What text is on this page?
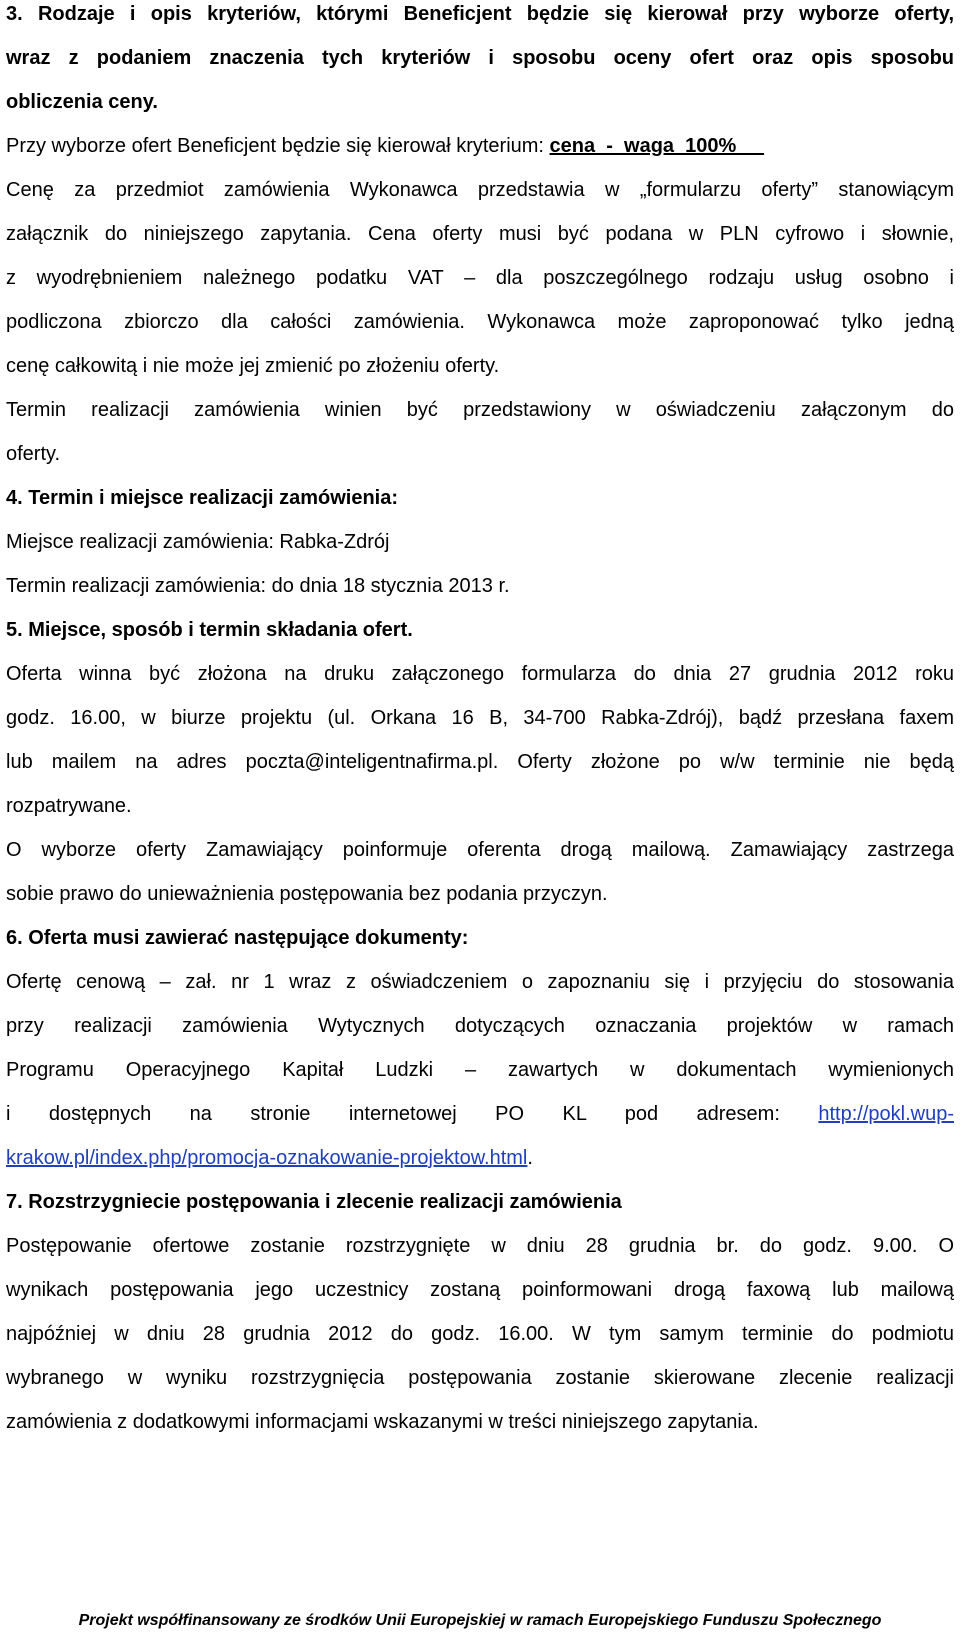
3. Rodzaje i opis kryteriów, którymi Beneficjent będzie się kierował przy wyborze oferty,
wraz z podaniem znaczenia tych kryteriów i sposobu oceny ofert oraz opis sposobu
obliczenia ceny.
Przy wyborze ofert Beneficjent będzie się kierował kryterium: cena  -  waga  100%
Cenę za przedmiot zamówienia Wykonawca przedstawia w „formularzu oferty” stanowiącym
załącznik do niniejszego zapytania. Cena oferty musi być podana w PLN cyfrowo i słownie,
z wyodrębnieniem należnego podatku VAT – dla poszczególnego rodzaju usług osobno i
podliczona zbiorczo dla całości zamówienia. Wykonawca może zaproponować tylko jedną
cenę całkowitą i nie może jej zmienić po złożeniu oferty.
Termin realizacji zamówienia winien być przedstawiony w oświadczeniu załączonym do
oferty.
4. Termin i miejsce realizacji zamówienia:
Miejsce realizacji zamówienia: Rabka-Zdrój
Termin realizacji zamówienia: do dnia 18 stycznia 2013 r.
5. Miejsce, sposób i termin składania ofert.
Oferta winna być złożona na druku załączonego formularza do dnia 27 grudnia 2012 roku
godz. 16.00, w biurze projektu (ul. Orkana 16 B, 34-700 Rabka-Zdrój), bądź przesłana faxem
lub mailem na adres poczta@inteligentnafirma.pl. Oferty złożone po w/w terminie nie będą
rozpatrywane.
O wyborze oferty Zamawiający poinformuje oferenta drogą mailową. Zamawiający zastrzega
sobie prawo do unieważnienia postępowania bez podania przyczyn.
6. Oferta musi zawierać następujące dokumenty:
Ofertę cenową – zał. nr 1 wraz z oświadczeniem o zapoznaniu się i przyjęciu do stosowania
przy realizacji zamówienia Wytycznych dotyczących oznaczania projektów w ramach
Programu Operacyjnego Kapitał Ludzki – zawartych w dokumentach wymienionych
i dostępnych na stronie internetowej PO KL pod adresem: http://pokl.wup-
krakow.pl/index.php/promocja-oznakowanie-projektow.html.
7. Rozstrzygniecie postępowania i zlecenie realizacji zamówienia
Postępowanie ofertowe zostanie rozstrzygnięte w dniu 28 grudnia br. do godz. 9.00. O
wynikach postępowania jego uczestnicy zostaną poinformowani drogą faxową lub mailową
najpóźniej w dniu 28 grudnia 2012 do godz. 16.00. W tym samym terminie do podmiotu
wybranego w wyniku rozstrzygnięcia postępowania zostanie skierowane zlecenie realizacji
zamówienia z dodatkowymi informacjami wskazanymi w treści niniejszego zapytania.
Projekt współfinansowany ze środków Unii Europejskiej w ramach Europejskiego Funduszu Społecznego
